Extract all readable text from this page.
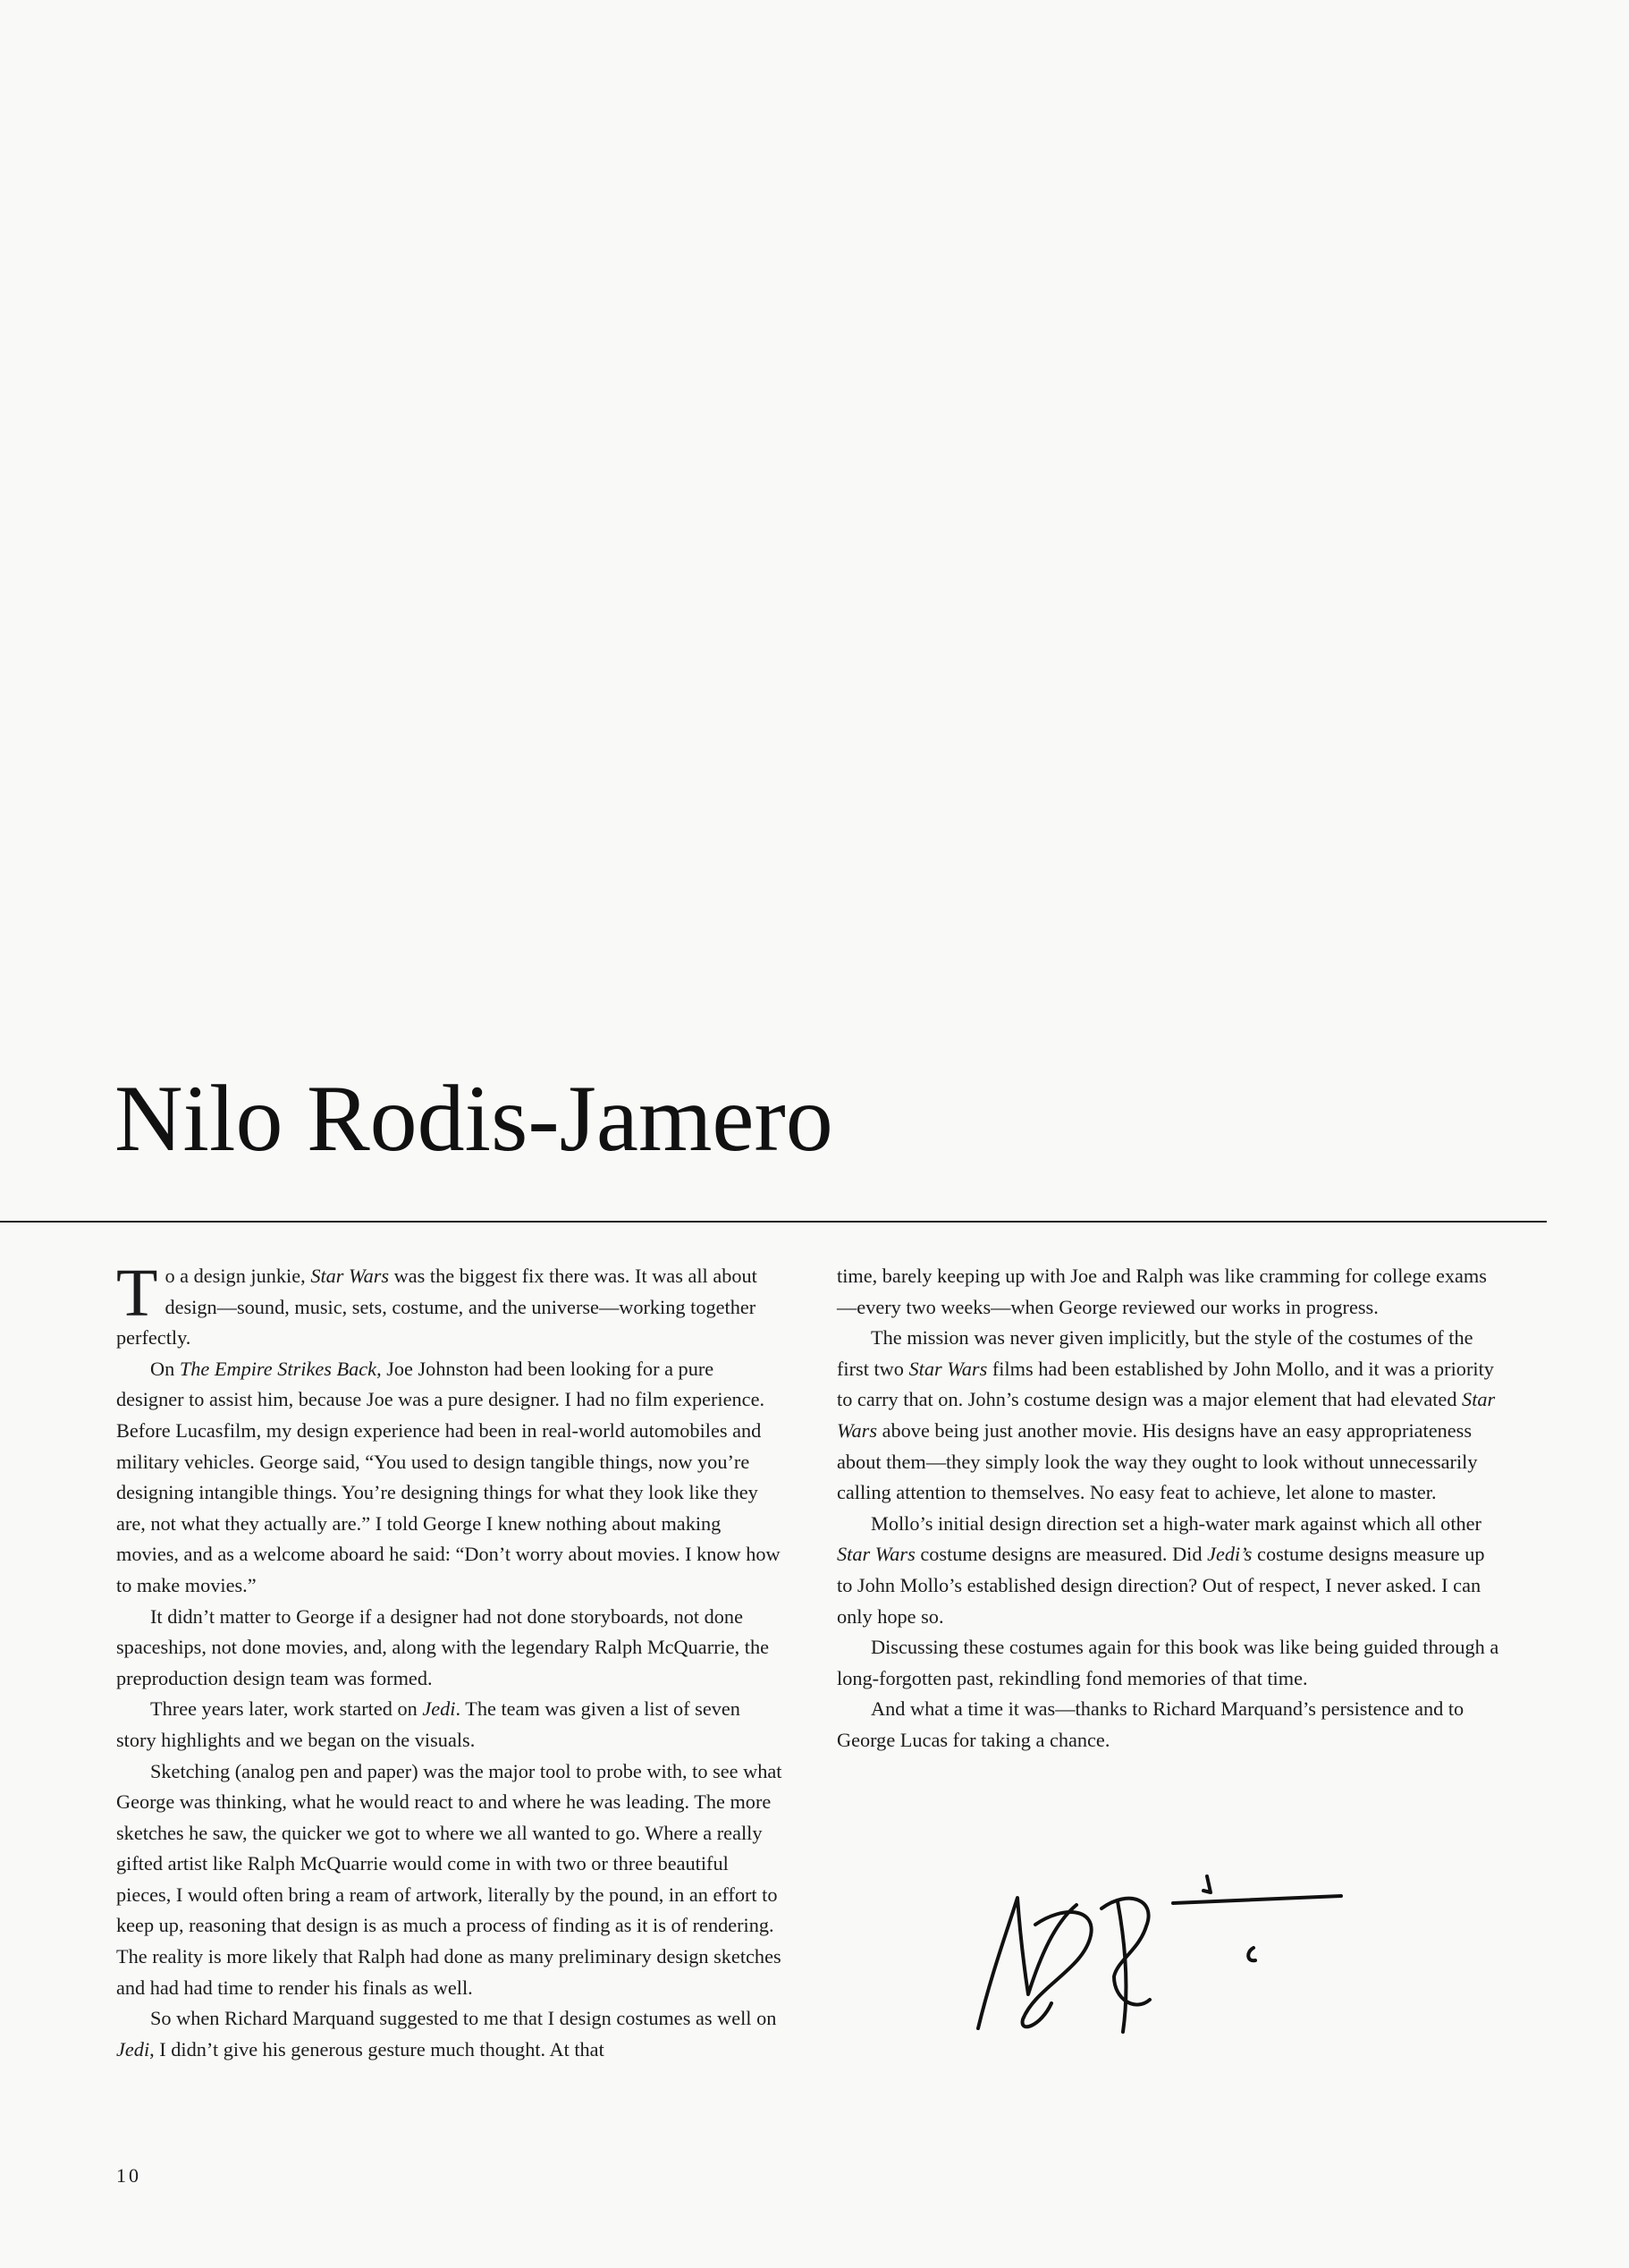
Nilo Rodis-Jamero

To a design junkie, Star Wars was the biggest fix there was. It was all about design—sound, music, sets, costume, and the universe—working together perfectly.

On The Empire Strikes Back, Joe Johnston had been looking for a pure designer to assist him, because Joe was a pure designer. I had no film experience. Before Lucasfilm, my design experience had been in real-world automobiles and military vehicles. George said, “You used to design tangible things, now you’re designing intangible things. You’re designing things for what they look like they are, not what they actually are.” I told George I knew nothing about making movies, and as a welcome aboard he said: “Don’t worry about movies. I know how to make movies.”

It didn’t matter to George if a designer had not done storyboards, not done spaceships, not done movies, and, along with the legendary Ralph McQuarrie, the preproduction design team was formed.

Three years later, work started on Jedi. The team was given a list of seven story highlights and we began on the visuals.

Sketching (analog pen and paper) was the major tool to probe with, to see what George was thinking, what he would react to and where he was leading. The more sketches he saw, the quicker we got to where we all wanted to go. Where a really gifted artist like Ralph McQuarrie would come in with two or three beautiful pieces, I would often bring a ream of artwork, literally by the pound, in an effort to keep up, reasoning that design is as much a process of finding as it is of rendering. The reality is more likely that Ralph had done as many preliminary design sketches and had had time to render his finals as well.

So when Richard Marquand suggested to me that I design costumes as well on Jedi, I didn’t give his generous gesture much thought. At that

time, barely keeping up with Joe and Ralph was like cramming for college exams—every two weeks—when George reviewed our works in progress.

The mission was never given implicitly, but the style of the costumes of the first two Star Wars films had been established by John Mollo, and it was a priority to carry that on. John’s costume design was a major element that had elevated Star Wars above being just another movie. His designs have an easy appropriateness about them—they simply look the way they ought to look without unnecessarily calling attention to themselves. No easy feat to achieve, let alone to master.

Mollo’s initial design direction set a high-water mark against which all other Star Wars costume designs are measured. Did Jedi’s costume designs measure up to John Mollo’s established design direction? Out of respect, I never asked. I can only hope so.

Discussing these costumes again for this book was like being guided through a long-forgotten past, rekindling fond memories of that time.

And what a time it was—thanks to Richard Marquand’s persistence and to George Lucas for taking a chance.

10
